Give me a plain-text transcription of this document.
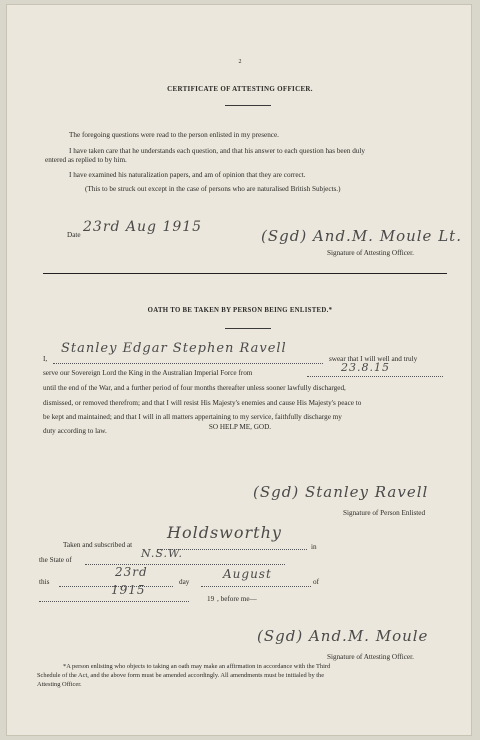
2
CERTIFICATE OF ATTESTING OFFICER.
The foregoing questions were read to the person enlisted in my presence.
I have taken care that he understands each question, and that his answer to each question has been duly
entered as replied to by him.
I have examined his naturalization papers, and am of opinion that they are correct.
(This to be struck out except in the case of persons who are naturalised British Subjects.)
Date 23rd Aug 1915	(Sgd) And.M. Moule Lt.
Signature of Attesting Officer.
OATH TO BE TAKEN BY PERSON BEING ENLISTED.*
I,
Stanley Edgar Stephen Ravell
swear that I will well and truly
serve our Sovereign Lord the King in the Australian Imperial Force from	23.8.15
until the end of the War, and a further period of four months thereafter unless sooner lawfully discharged,
dismissed, or removed therefrom; and that I will resist His Majesty's enemies and cause His Majesty's peace to
be kept and maintained; and that I will in all matters appertaining to my service, faithfully discharge my
duty according to law.	SO HELP ME, GOD.
(Sgd) Stanley Ravell
Signature of Person Enlisted
Taken and subscribed at
Holdsworthy
in
the State of	N.S.W.
this
23rd
day
August
of
1915
19 , before me—
(Sgd) And.M. Moule
Signature of Attesting Officer.
*A person enlisting who objects to taking an oath may make an affirmation in accordance with the Third
Schedule of the Act, and the above form must be amended accordingly. All amendments must be initialed by the
Attesting Officer.
